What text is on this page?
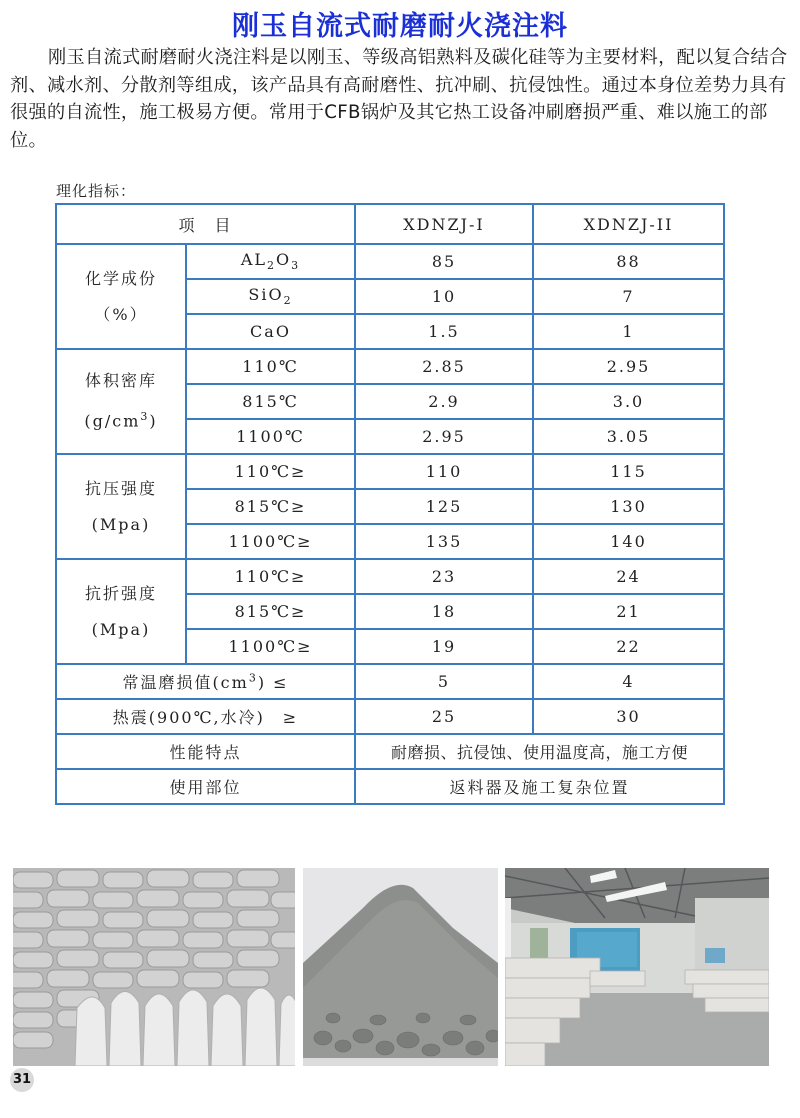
刚玉自流式耐磨耐火浇注料
刚玉自流式耐磨耐火浇注料是以刚玉、等级高铝熟料及碳化硅等为主要材料，配以复合结合剂、减水剂、分散剂等组成，该产品具有高耐磨性、抗冲刷、抗侵蚀性。通过本身位差势力具有很强的自流性，施工极易方便。常用于CFB锅炉及其它热工设备冲刷磨损严重、难以施工的部位。
理化指标：
项　目		XDNZJ-I	XDNZJ-II

化学成份
（%）	$AL_2O_3$	85	88
	SiO$_2$	10	7
	CaO	1.5	1

体积密库
$(g/cm^3)$	110℃	2.85	2.95
	815℃	2.9	3.0
	1100℃	2.95	3.05

抗压强度
(Mpa)	110℃≥	110	115
	815℃≥	125	130
	1100℃≥	135	140

抗折强度
(Mpa)	110℃≥	23	24
	815℃≥	18	21
	1100℃≥	19	22
常温磨损值$(cm^3)$ ≤		5	4
热震(900℃,水冷)　≥		25	30
性能特点		耐磨损、抗侵蚀、使用温度高，施工方便	
使用部位		返料器及施工复杂位置	
31
